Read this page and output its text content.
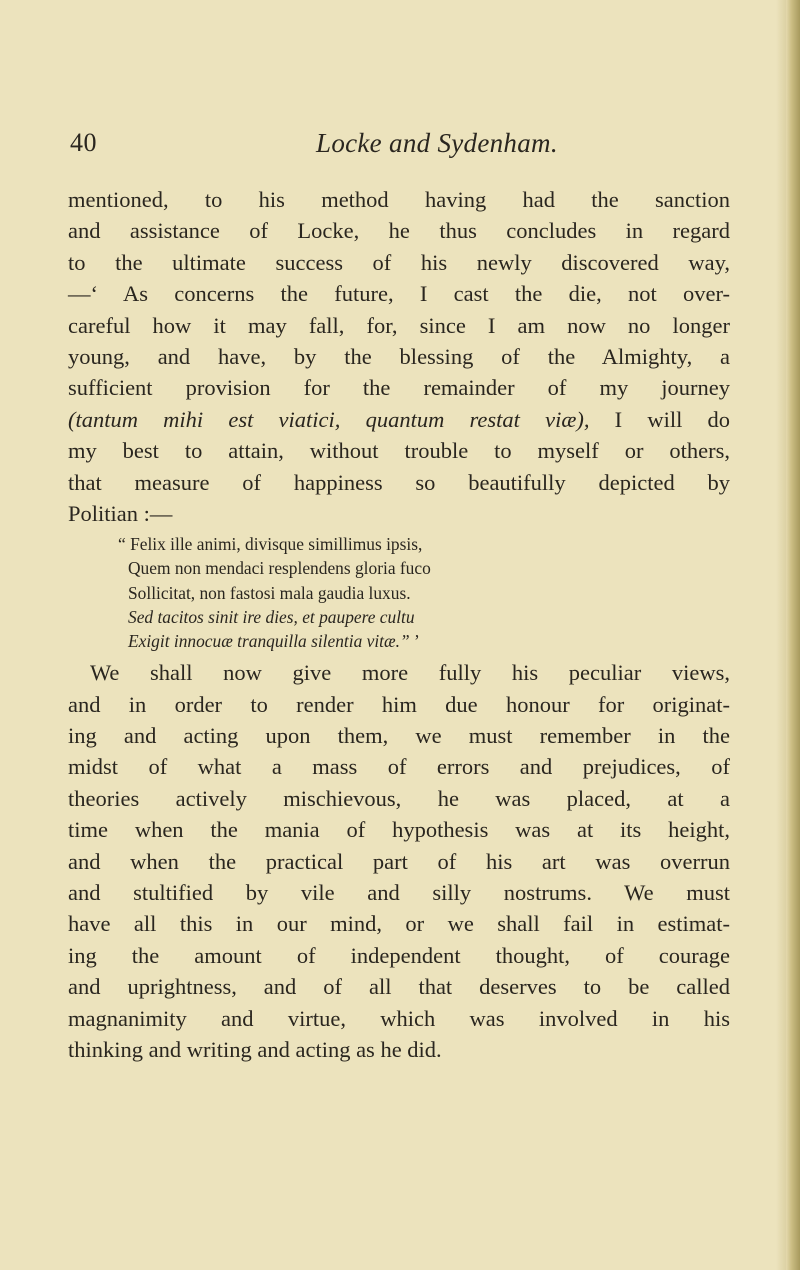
40	Locke and Sydenham.
mentioned, to his method having had the sanction
and assistance of Locke, he thus concludes in regard
to the ultimate success of his newly discovered way,
—‘ As concerns the future, I cast the die, not over-
careful how it may fall, for, since I am now no longer
young, and have, by the blessing of the Almighty, a
sufficient provision for the remainder of my journey
(tantum mihi est viatici, quantum restat viæ), I will do
my best to attain, without trouble to myself or others,
that measure of happiness so beautifully depicted by
Politian :—
“ Felix ille animi, divisque simillimus ipsis,
Quem non mendaci resplendens gloria fuco
Sollicitat, non fastosi mala gaudia luxus.
Sed tacitos sinit ire dies, et paupere cultu
Exigit innocuæ tranquilla silentia vitæ.” ’
We shall now give more fully his peculiar views,
and in order to render him due honour for originat-
ing and acting upon them, we must remember in the
midst of what a mass of errors and prejudices, of
theories actively mischievous, he was placed, at a
time when the mania of hypothesis was at its height,
and when the practical part of his art was overrun
and stultified by vile and silly nostrums. We must
have all this in our mind, or we shall fail in estimat-
ing the amount of independent thought, of courage
and uprightness, and of all that deserves to be called
magnanimity and virtue, which was involved in his
thinking and writing and acting as he did.
